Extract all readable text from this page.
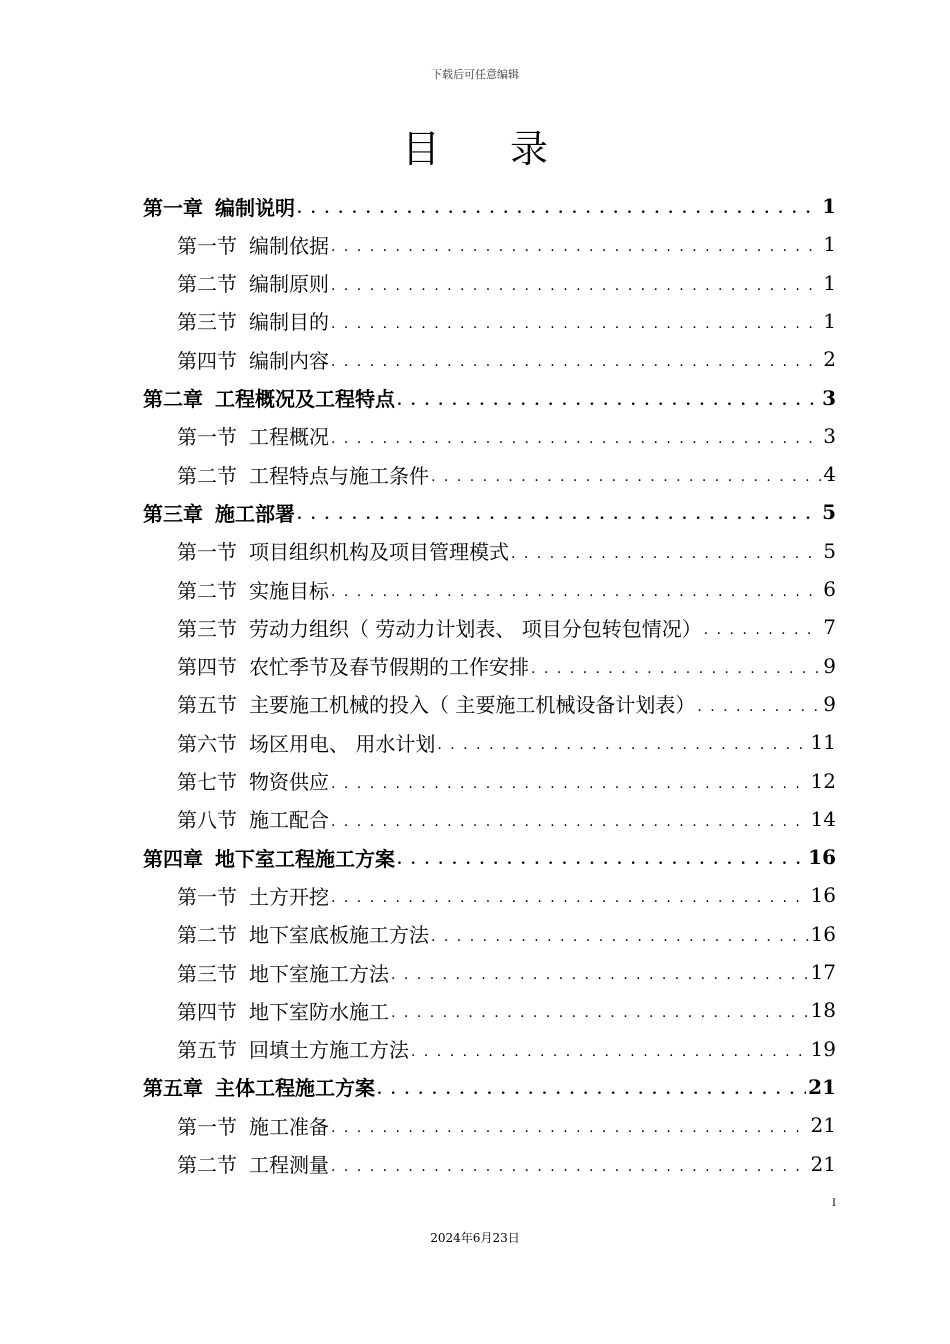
下载后可任意编辑
目 录
第一章 编制说明 . . .	1
第一节 编制依据 . . .	1
第二节 编制原则 . . .	1
第三节 编制目的 . . .	1
第四节 编制内容 . . .	2
第二章 工程概况及工程特点 . . .	3
第一节 工程概况 . . .	3
第二节 工程特点与施工条件 . . .	4
第三章 施工部署 . . .	5
第一节 项目组织机构及项目管理模式 . . .	5
第二节 实施目标 . . .	6
第三节 劳动力组织（ 劳动力计划表、 项目分包转包情况） . . .	7
第四节 农忙季节及春节假期的工作安排 . . .	9
第五节 主要施工机械的投入（ 主要施工机械设备计划表） . . .	9
第六节 场区用电、 用水计划 . . .	11
第七节 物资供应 . . .	12
第八节 施工配合 . . .	14
第四章 地下室工程施工方案 . . .	16
第一节 土方开挖 . . .	16
第二节 地下室底板施工方法 . . .	16
第三节 地下室施工方法 . . .	17
第四节 地下室防水施工 . . .	18
第五节 回填土方施工方法 . . .	19
第五章 主体工程施工方案 . . .	21
第一节 施工准备 . . .	21
第二节 工程测量 . . .	21
I
2024年6月23日
